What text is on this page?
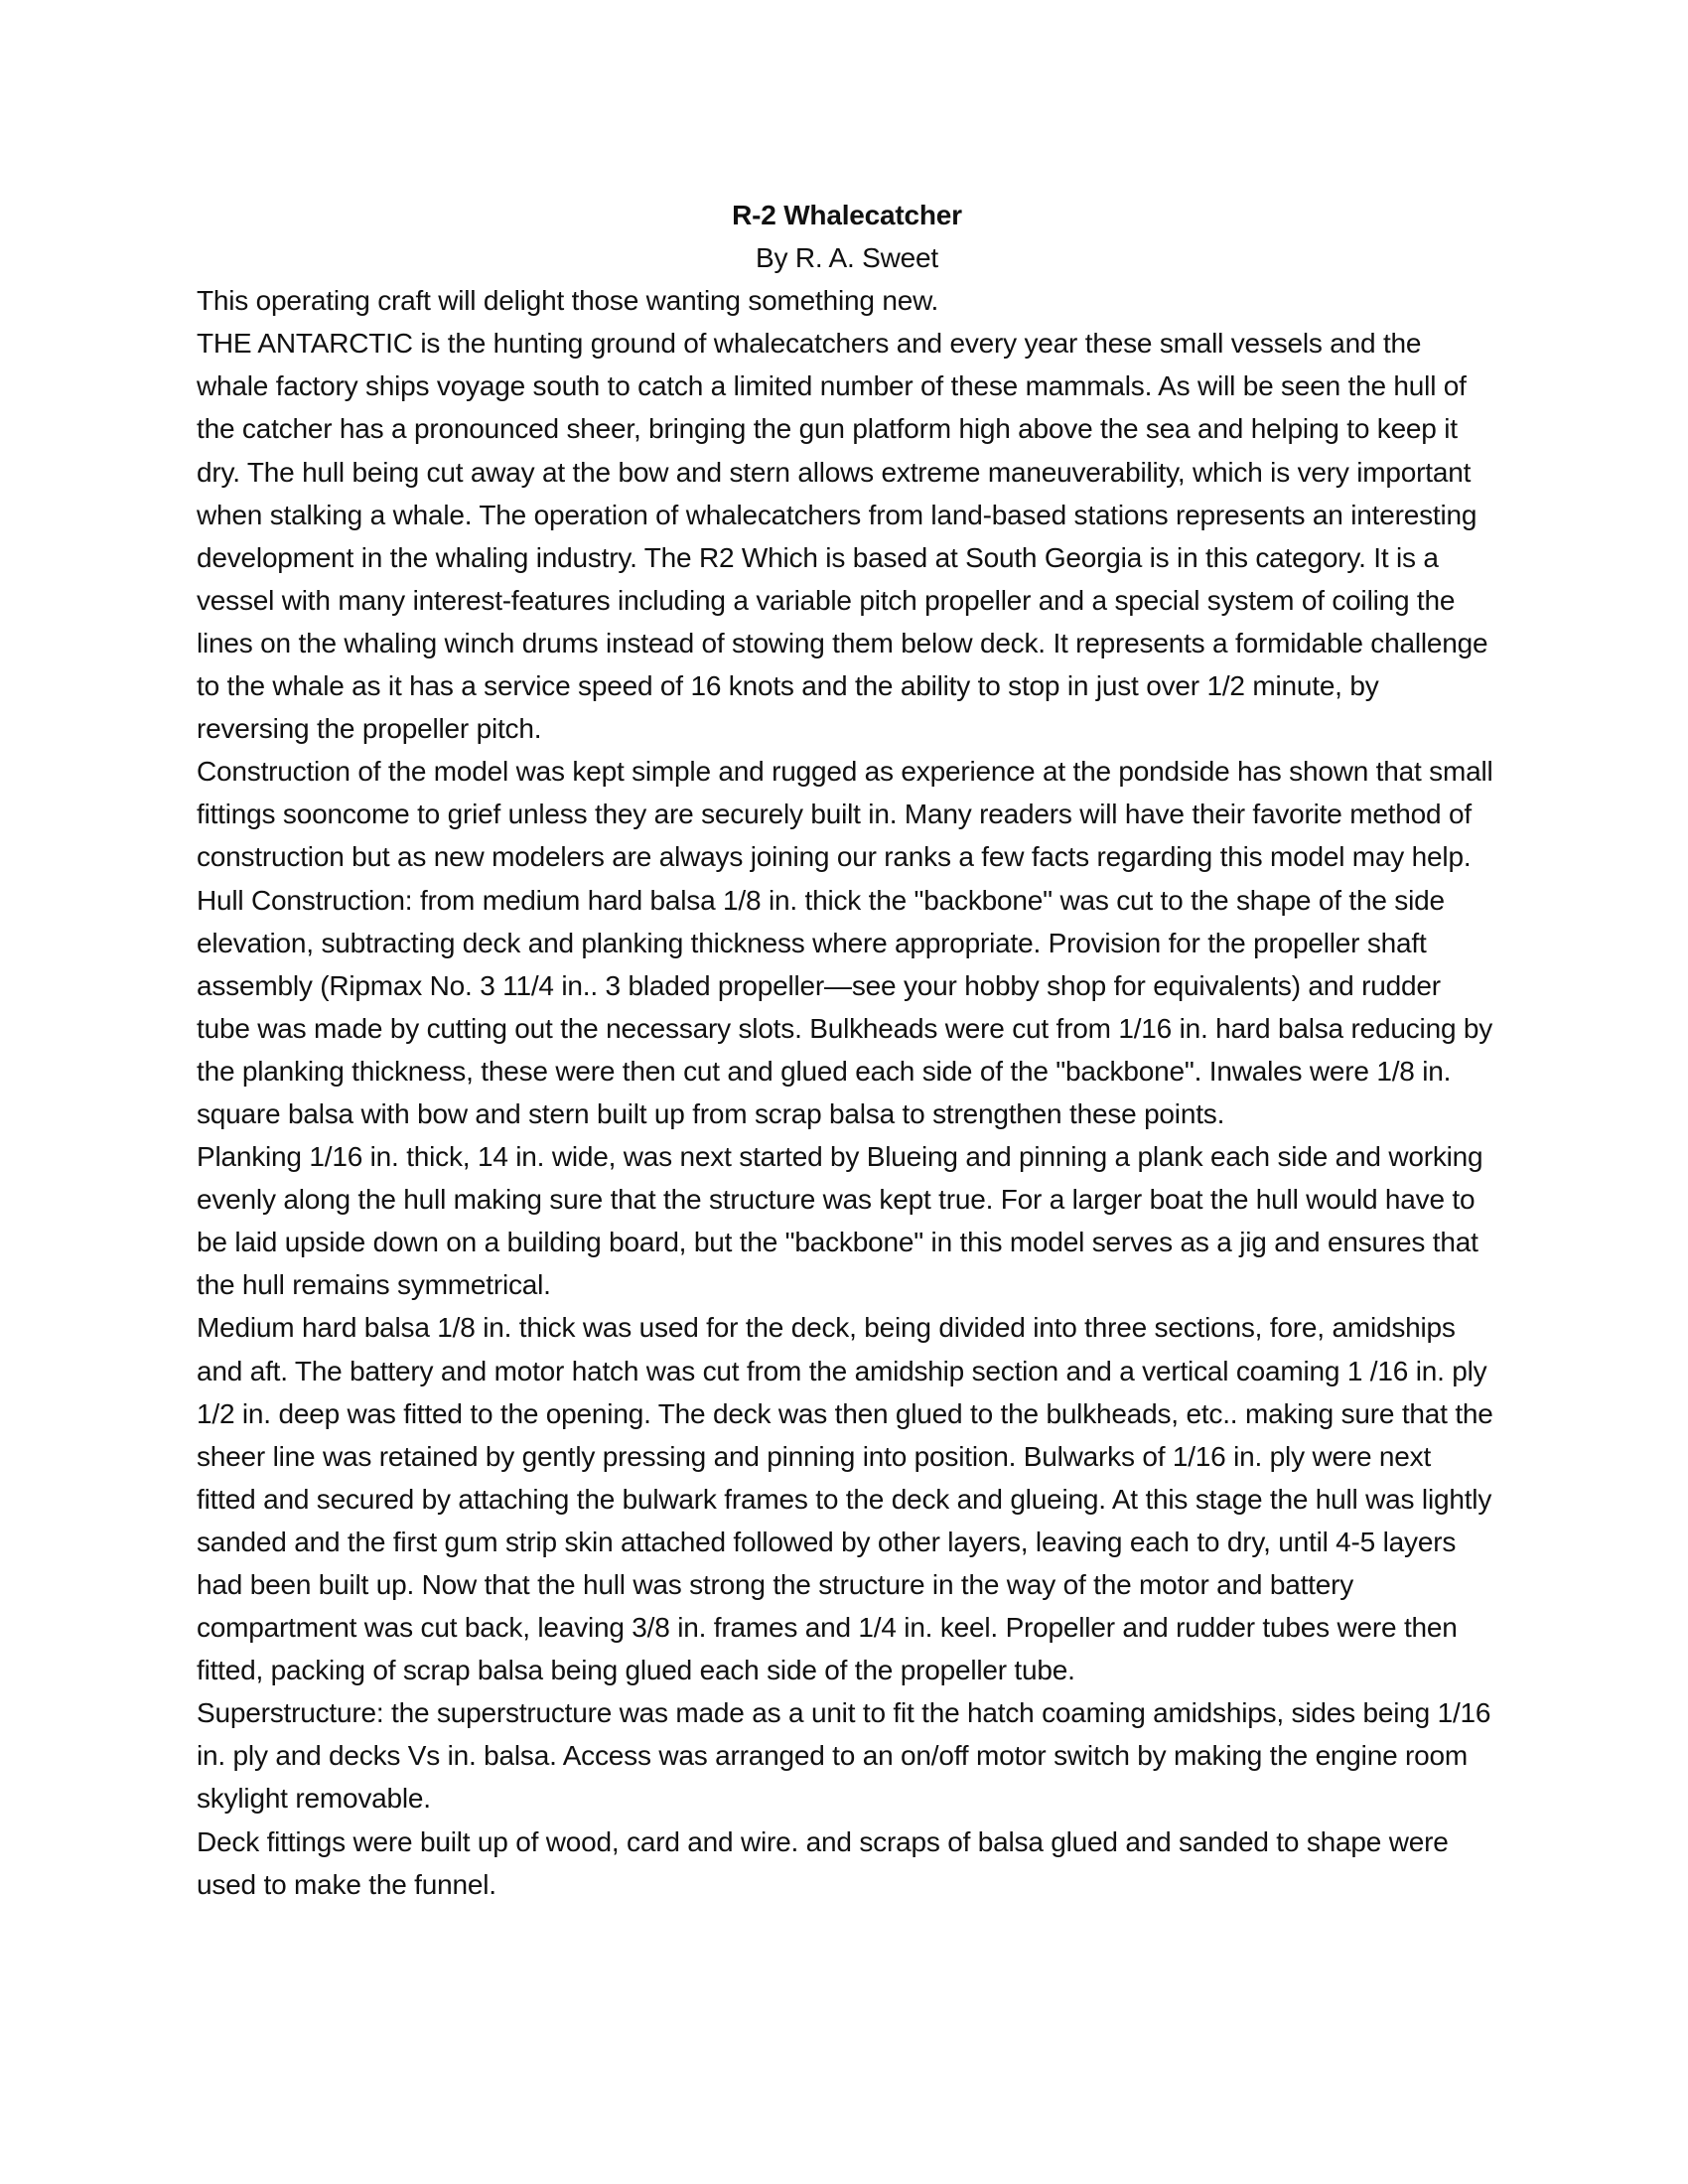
R-2 Whalecatcher

By R. A. Sweet

This operating craft will delight those wanting something new.

THE ANTARCTIC is the hunting ground of whalecatchers and every year these small vessels and the whale factory ships voyage south to catch a limited number of these mammals. As will be seen the hull of the catcher has a pronounced sheer, bringing the gun platform high above the sea and helping to keep it dry. The hull being cut away at the bow and stern allows extreme maneuverability, which is very important when stalking a whale. The operation of whalecatchers from land-based stations represents an interesting development in the whaling industry. The R2 Which is based at South Georgia is in this category. It is a vessel with many interest-features including a variable pitch propeller and a special system of coiling the lines on the whaling winch drums instead of stowing them below deck. It represents a formidable challenge to the whale as it has a service speed of 16 knots and the ability to stop in just over 1/2 minute, by reversing the propeller pitch.

Construction of the model was kept simple and rugged as experience at the pondside has shown that small fittings sooncome to grief unless they are securely built in. Many readers will have their favorite method of construction but as new modelers are always joining our ranks a few facts regarding this model may help.

Hull Construction: from medium hard balsa 1/8 in. thick the "backbone" was cut to the shape of the side elevation, subtracting deck and planking thickness where appropriate. Provision for the propeller shaft assembly (Ripmax No. 3 11/4 in.. 3 bladed propeller—see your hobby shop for equivalents) and rudder tube was made by cutting out the necessary slots. Bulkheads were cut from 1/16 in. hard balsa reducing by the planking thickness, these were then cut and glued each side of the "backbone". Inwales were 1/8 in. square balsa with bow and stern built up from scrap balsa to strengthen these points.

Planking 1/16 in. thick, 14 in. wide, was next started by Blueing and pinning a plank each side and working evenly along the hull making sure that the structure was kept true. For a larger boat the hull would have to be laid upside down on a building board, but the "backbone" in this model serves as a jig and ensures that the hull remains symmetrical.

Medium hard balsa 1/8 in. thick was used for the deck, being divided into three sections, fore, amidships and aft. The battery and motor hatch was cut from the amidship section and a vertical coaming 1 /16 in. ply 1/2 in. deep was fitted to the opening. The deck was then glued to the bulkheads, etc.. making sure that the sheer line was retained by gently pressing and pinning into position. Bulwarks of 1/16 in. ply were next fitted and secured by attaching the bulwark frames to the deck and glueing. At this stage the hull was lightly sanded and the first gum strip skin attached followed by other layers, leaving each to dry, until 4-5 layers had been built up. Now that the hull was strong the structure in the way of the motor and battery compartment was cut back, leaving 3/8 in. frames and 1/4 in. keel. Propeller and rudder tubes were then fitted, packing of scrap balsa being glued each side of the propeller tube.

Superstructure: the superstructure was made as a unit to fit the hatch coaming amidships, sides being 1/16 in. ply and decks Vs in. balsa. Access was arranged to an on/off motor switch by making the engine room skylight removable.

Deck fittings were built up of wood, card and wire. and scraps of balsa glued and sanded to shape were used to make the funnel.
